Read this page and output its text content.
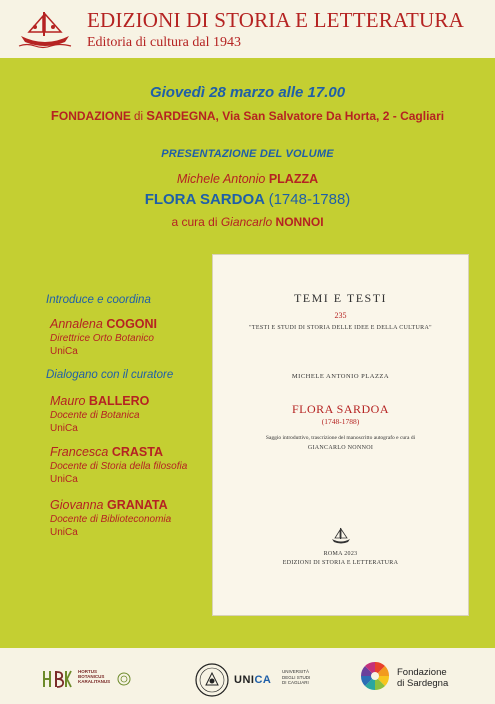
EDIZIONI DI STORIA E LETTERATURA
Editoria di cultura dal 1943
Giovedì 28 marzo alle 17.00
FONDAZIONE di SARDEGNA, Via San Salvatore Da Horta, 2 - Cagliari
PRESENTAZIONE DEL VOLUME
Michele Antonio PLAZZA
FLORA SARDOA (1748-1788)
a cura di Giancarlo NONNOI
Introduce e coordina
Annalena COGONI
Direttrice Orto Botanico
UniCa
Dialogano con il curatore
Mauro BALLERO
Docente di Botanica
UniCa
Francesca CRASTA
Docente di Storia della filosofia
UniCa
Giovanna GRANATA
Docente di Biblioteconomia
UniCa
TEMI E TESTI
235
"TESTI E STUDI DI STORIA DELLE IDEE E DELLA CULTURA"
MICHELE ANTONIO PLAZZA
FLORA SARDOA
(1748-1788)
Saggio introduttivo, trascrizione del manoscritto autografo e cura di
GIANCARLO NONNOI
ROMA 2023
EDIZIONI DI STORIA E LETTERATURA
HORTUS
BOTANICUS
KARALITANUS	UNICA
UNIVERSITÀ
DEGLI STUDI
DI CAGLIARI
Fondazione
di Sardegna
